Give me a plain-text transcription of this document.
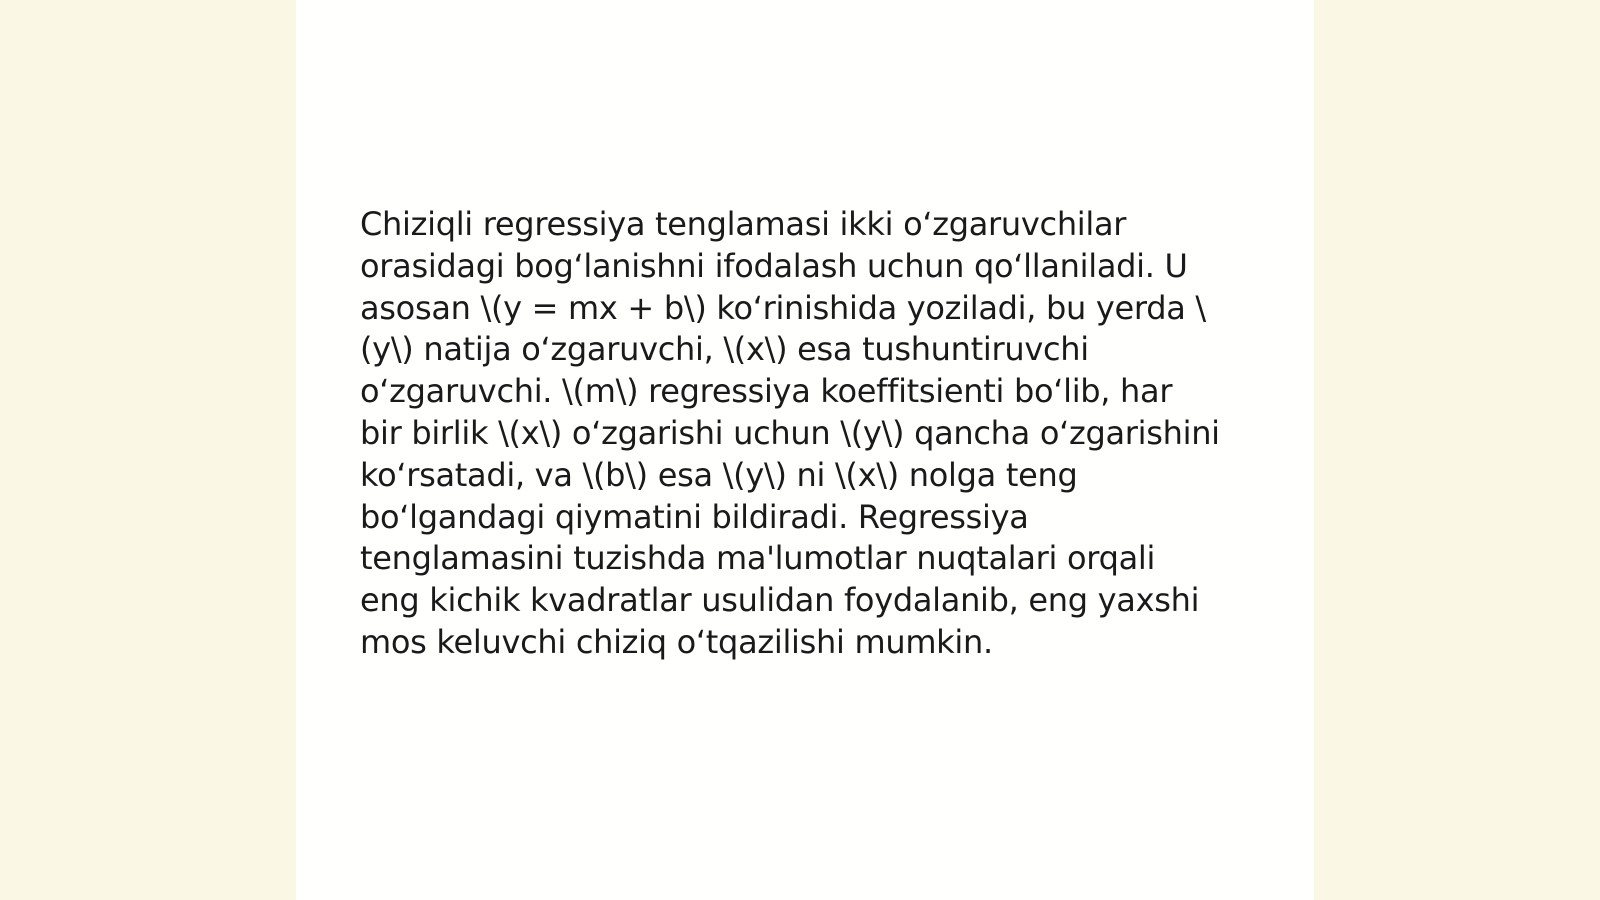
Chiziqli regressiya tenglamasi ikki o‘zgaruvchilar
orasidagi bog‘lanishni ifodalash uchun qo‘llaniladi. U
asosan \(y = mx + b\) ko‘rinishida yoziladi, bu yerda \
(y\) natija o‘zgaruvchi, \(x\) esa tushuntiruvchi
o‘zgaruvchi. \(m\) regressiya koeffitsienti bo‘lib, har
bir birlik \(x\) o‘zgarishi uchun \(y\) qancha o‘zgarishini
ko‘rsatadi, va \(b\) esa \(y\) ni \(x\) nolga teng
bo‘lgandagi qiymatini bildiradi. Regressiya
tenglamasini tuzishda ma'lumotlar nuqtalari orqali
eng kichik kvadratlar usulidan foydalanib, eng yaxshi
mos keluvchi chiziq o‘tqazilishi mumkin.
